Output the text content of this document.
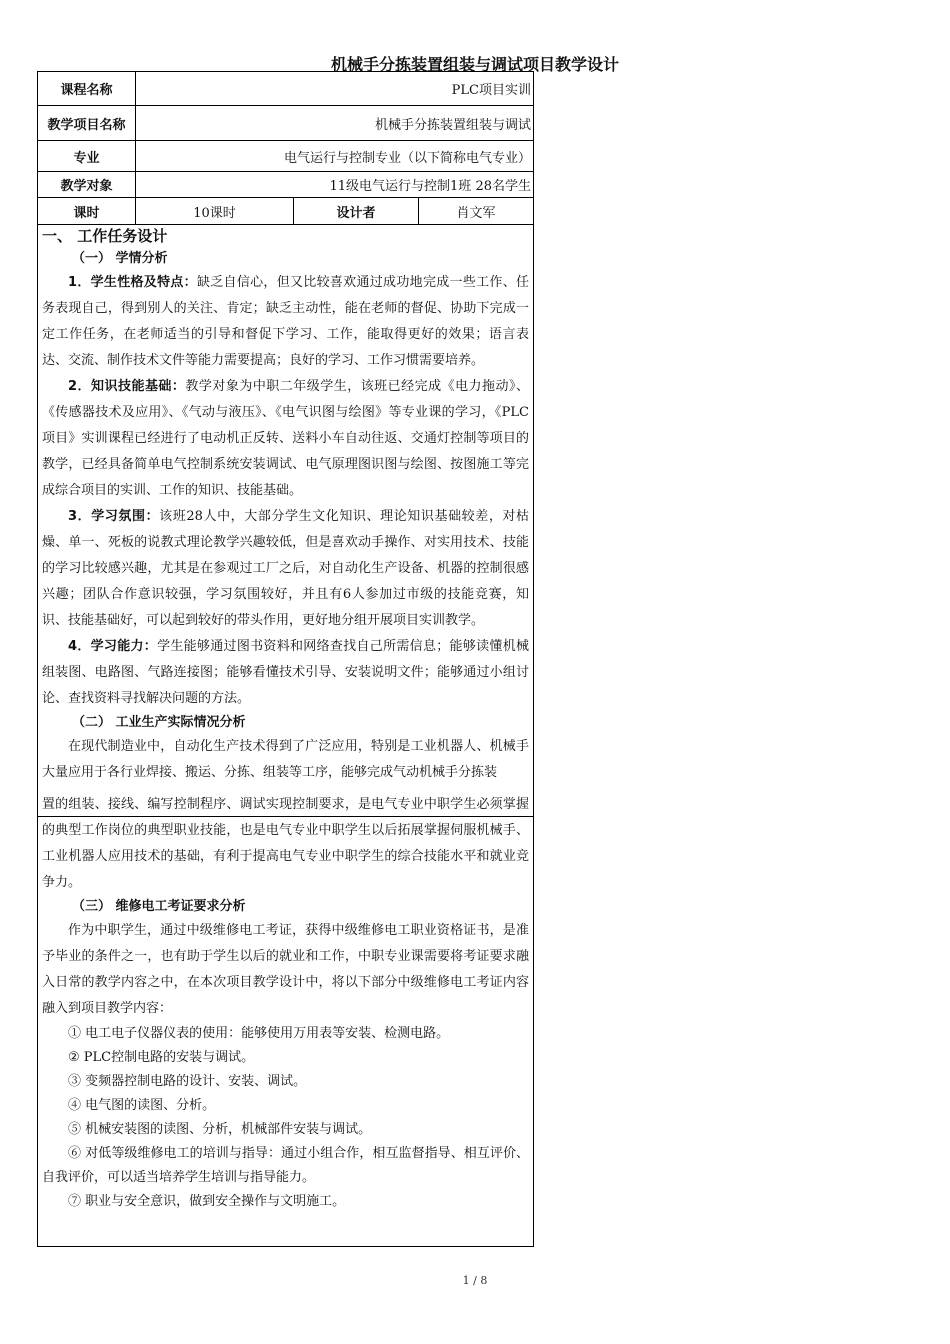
机械手分拣装置组装与调试项目教学设计
课程名称	PLC项目实训
教学项目名称	机械手分拣装置组装与调试
专业	电气运行与控制专业（以下简称电气专业）
教学对象	11级电气运行与控制1班 28名学生
课时	10课时	设计者	肖文军
一、 工作任务设计
（一） 学情分析
1．学生性格及特点：缺乏自信心，但又比较喜欢通过成功地完成一些工作、任务表现自己，得到别人的关注、肯定；缺乏主动性，能在老师的督促、协助下完成一定工作任务，在老师适当的引导和督促下学习、工作，能取得更好的效果；语言表达、交流、制作技术文件等能力需要提高；良好的学习、工作习惯需要培养。
2．知识技能基础：教学对象为中职二年级学生，该班已经完成《电力拖动》、《传感器技术及应用》、《气动与液压》、《电气识图与绘图》等专业课的学习，《PLC项目》实训课程已经进行了电动机正反转、送料小车自动往返、交通灯控制等项目的教学，已经具备简单电气控制系统安装调试、电气原理图识图与绘图、按图施工等完成综合项目的实训、工作的知识、技能基础。
3．学习氛围：该班28人中，大部分学生文化知识、理论知识基础较差，对枯燥、单一、死板的说教式理论教学兴趣较低，但是喜欢动手操作、对实用技术、技能的学习比较感兴趣，尤其是在参观过工厂之后，对自动化生产设备、机器的控制很感兴趣；团队合作意识较强，学习氛围较好，并且有6人参加过市级的技能竞赛，知识、技能基础好，可以起到较好的带头作用，更好地分组开展项目实训教学。
4．学习能力：学生能够通过图书资料和网络查找自己所需信息；能够读懂机械组装图、电路图、气路连接图；能够看懂技术引导、安装说明文件；能够通过小组讨论、查找资料寻找解决问题的方法。
（二） 工业生产实际情况分析
在现代制造业中，自动化生产技术得到了广泛应用，特别是工业机器人、机械手大量应用于各行业焊接、搬运、分拣、组装等工序，能够完成气动机械手分拣装
置的组装、接线、编写控制程序、调试实现控制要求，是电气专业中职学生必须掌握的典型工作岗位的典型职业技能，也是电气专业中职学生以后拓展掌握伺服机械手、工业机器人应用技术的基础，有利于提高电气专业中职学生的综合技能水平和就业竞争力。
（三） 维修电工考证要求分析
作为中职学生，通过中级维修电工考证，获得中级维修电工职业资格证书，是准予毕业的条件之一，也有助于学生以后的就业和工作，中职专业课需要将考证要求融入日常的教学内容之中，在本次项目教学设计中，将以下部分中级维修电工考证内容融入到项目教学内容：
① 电工电子仪器仪表的使用：能够使用万用表等安装、检测电路。
② PLC控制电路的安装与调试。
③ 变频器控制电路的设计、安装、调试。
④ 电气图的读图、分析。
⑤ 机械安装图的读图、分析，机械部件安装与调试。
⑥ 对低等级维修电工的培训与指导：通过小组合作，相互监督指导、相互评价、自我评价，可以适当培养学生培训与指导能力。
⑦ 职业与安全意识，做到安全操作与文明施工。
1 / 8
